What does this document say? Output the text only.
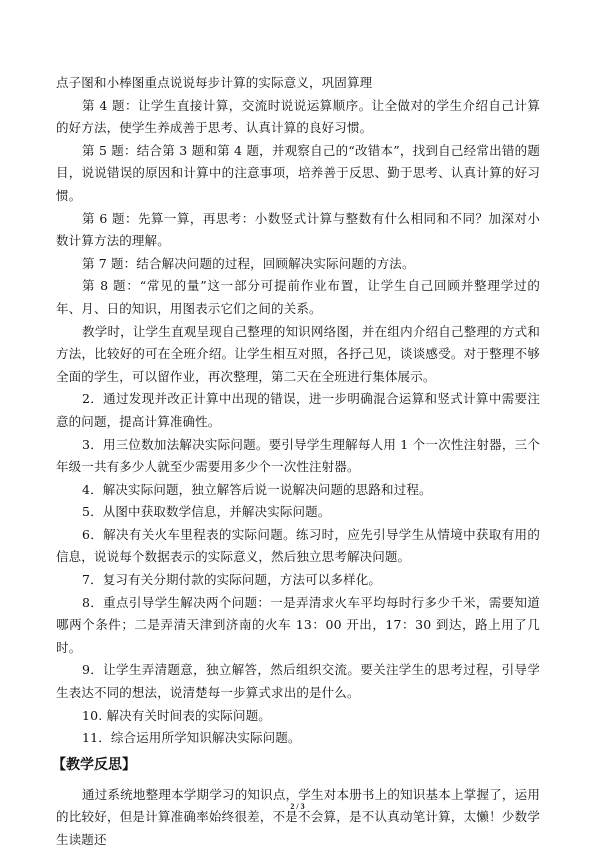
点子图和小棒图重点说说每步计算的实际意义，巩固算理

第 4 题：让学生直接计算，交流时说说运算顺序。让全做对的学生介绍自己计算的好方法，使学生养成善于思考、认真计算的良好习惯。

第 5 题：结合第 3 题和第 4 题，并观察自己的“改错本”，找到自己经常出错的题目，说说错误的原因和计算中的注意事项，培养善于反思、勤于思考、认真计算的好习惯。

第 6 题：先算一算，再思考：小数竖式计算与整数有什么相同和不同？加深对小数计算方法的理解。

第 7 题：结合解决问题的过程，回顾解决实际问题的方法。

第 8 题：“常见的量”这一部分可提前作业布置，让学生自己回顾并整理学过的年、月、日的知识，用图表示它们之间的关系。

教学时，让学生直观呈现自己整理的知识网络图，并在组内介绍自己整理的方式和方法，比较好的可在全班介绍。让学生相互对照，各抒己见，谈谈感受。对于整理不够全面的学生，可以留作业，再次整理，第二天在全班进行集体展示。

2．通过发现并改正计算中出现的错误，进一步明确混合运算和竖式计算中需要注意的问题，提高计算准确性。

3．用三位数加法解决实际问题。要引导学生理解每人用 1 个一次性注射器，三个年级一共有多少人就至少需要用多少个一次性注射器。

4．解决实际问题，独立解答后说一说解决问题的思路和过程。

5．从图中获取数学信息，并解决实际问题。

6．解决有关火车里程表的实际问题。练习时，应先引导学生从情境中获取有用的信息，说说每个数据表示的实际意义，然后独立思考解决问题。

7．复习有关分期付款的实际问题，方法可以多样化。

8．重点引导学生解决两个问题：一是弄清求火车平均每时行多少千米，需要知道哪两个条件；二是弄清天津到济南的火车 13：00 开出，17：30 到达，路上用了几时。

9．让学生弄清题意，独立解答，然后组织交流。要关注学生的思考过程，引导学生表达不同的想法，说清楚每一步算式求出的是什么。

10. 解决有关时间表的实际问题。

11．综合运用所学知识解决实际问题。

【教学反思】

通过系统地整理本学期学习的知识点，学生对本册书上的知识基本上掌握了，运用的比较好，但是计算准确率始终很差，不是不会算，是不认真动笔计算，太懒！少数学生读题还

2 / 3
